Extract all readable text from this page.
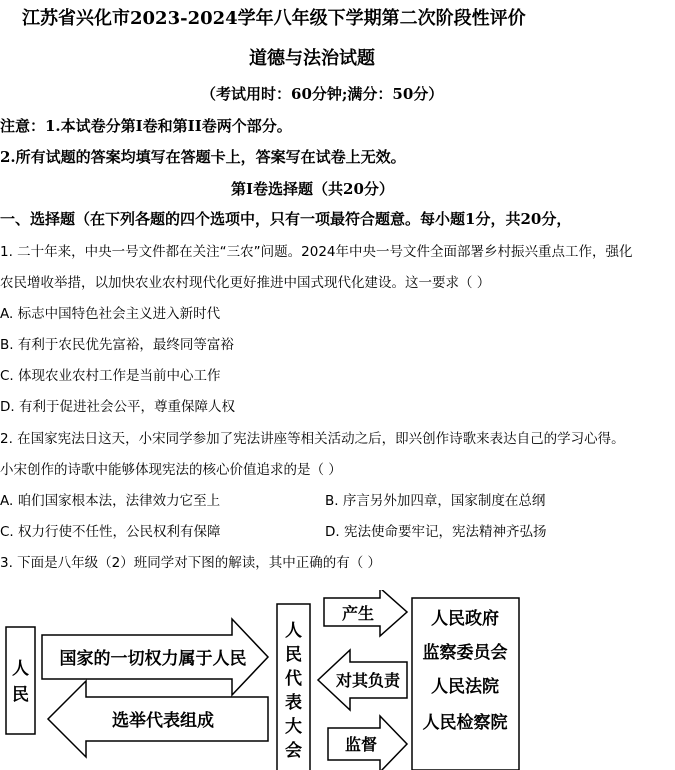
江苏省兴化市2023-2024学年八年级下学期第二次阶段性评价
道德与法治试题
（考试用时：60分钟;满分：50分）
注意：1.本试卷分第I卷和第II卷两个部分。
2.所有试题的答案均填写在答题卡上，答案写在试卷上无效。
第I卷选择题（共20分）
一、选择题（在下列各题的四个选项中，只有一项最符合题意。每小题1分，共20分，
1. 二十年来，中央一号文件都在关注“三农”问题。2024年中央一号文件全面部署乡村振兴重点工作，强化
农民增收举措，以加快农业农村现代化更好推进中国式现代化建设。这一要求（ ）
A. 标志中国特色社会主义进入新时代
B. 有利于农民优先富裕，最终同等富裕
C. 体现农业农村工作是当前中心工作
D. 有利于促进社会公平，尊重保障人权
2. 在国家宪法日这天，小宋同学参加了宪法讲座等相关活动之后，即兴创作诗歌来表达自己的学习心得。
小宋创作的诗歌中能够体现宪法的核心价值追求的是（ ）
A. 咱们国家根本法，法律效力它至上	B. 序言另外加四章，国家制度在总纲
C. 权力行使不任性，公民权利有保障	D. 宪法使命要牢记，宪法精神齐弘扬
3. 下面是八年级（2）班同学对下图的解读，其中正确的有（ ）
人民
国家的一切权力属于人民
选举代表组成
人
民
代
表
大
会
产生
对其负责
监督
人民政府
监察委员会
人民法院
人民检察院
